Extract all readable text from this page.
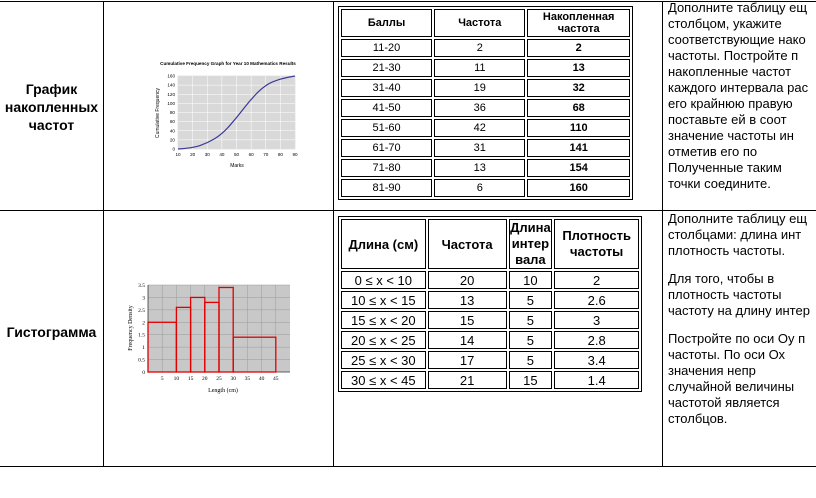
График
накопленных
частот
Cumulative Frequency Graph for Year 10 Mathematics Results
0
20
40
60
80
100
120
140
160
10 20 30 40 50 60 70 80 90
Marks
Cumulative Frequency
Баллы	Частота	Накопленная частота
11-20	2	2
21-30	11	13
31-40	19	32
41-50	36	68
51-60	42	110
61-70	31	141
71-80	13	154
81-90	6	160

Дополните таблицу ещ

столбцом, укажите

соответствующие нако

частоты. Постройте п

накопленные частот

каждого интервала рас

его крайнюю правую

поставьте ей в соот

значение частоты ин

отметив его по

Полученные таким

точки соедините.

Гистограмма
0
0.5
1
1.5
2
2.5
3
3.5
5 10 15 20 25 30 35 40 45
Length (cm)
Frequency Density
Длина (см)	Частота	Длина интер вала	Плотность частоты
0 ≤ x < 10	20	10	2
10 ≤ x < 15	13	5	2.6
15 ≤ x < 20	15	5	3
20 ≤ x < 25	14	5	2.8
25 ≤ x < 30	17	5	3.4
30 ≤ x < 45	21	15	1.4

Дополните таблицу ещ

столбцами: длина инт

плотность частоты.

Для того, чтобы в

плотность частоты

частоту на длину интер

Постройте по оси Оу п

частоты. По оси Ох

значения непр

случайной величины

частотой является

столбцов.
